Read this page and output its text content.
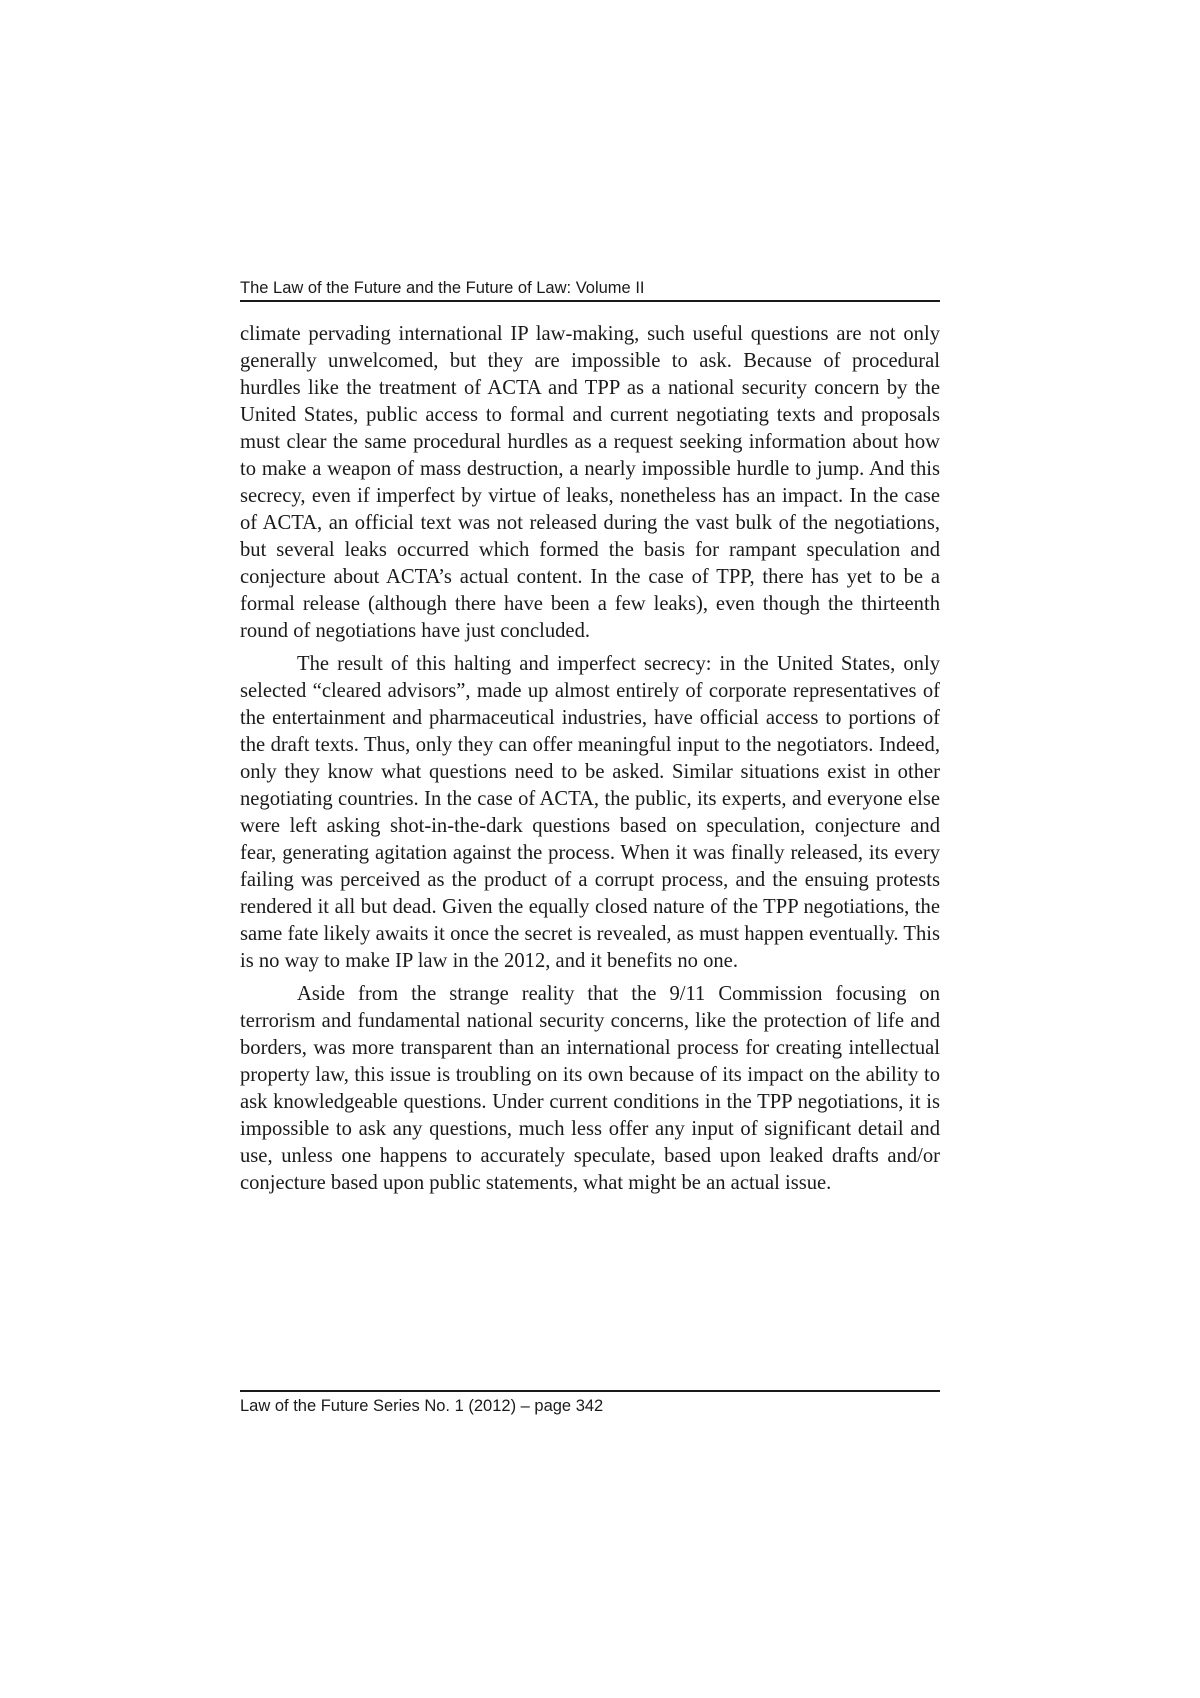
The Law of the Future and the Future of Law: Volume II

climate pervading international IP law-making, such useful questions are not only generally unwelcomed, but they are impossible to ask. Because of procedural hurdles like the treatment of ACTA and TPP as a national security concern by the United States, public access to formal and current negotiating texts and proposals must clear the same procedural hurdles as a request seeking information about how to make a weapon of mass destruction, a nearly impossible hurdle to jump. And this secrecy, even if imperfect by virtue of leaks, nonetheless has an impact. In the case of ACTA, an official text was not released during the vast bulk of the negotiations, but several leaks occurred which formed the basis for rampant speculation and conjecture about ACTA’s actual content. In the case of TPP, there has yet to be a formal release (although there have been a few leaks), even though the thirteenth round of negotiations have just concluded.

The result of this halting and imperfect secrecy: in the United States, only selected “cleared advisors”, made up almost entirely of corporate representatives of the entertainment and pharmaceutical industries, have official access to portions of the draft texts. Thus, only they can offer meaningful input to the negotiators. Indeed, only they know what questions need to be asked. Similar situations exist in other negotiating countries. In the case of ACTA, the public, its experts, and everyone else were left asking shot-in-the-dark questions based on speculation, conjecture and fear, generating agitation against the process. When it was finally released, its every failing was perceived as the product of a corrupt process, and the ensuing protests rendered it all but dead. Given the equally closed nature of the TPP negotiations, the same fate likely awaits it once the secret is revealed, as must happen eventually. This is no way to make IP law in the 2012, and it benefits no one.

Aside from the strange reality that the 9/11 Commission focusing on terrorism and fundamental national security concerns, like the protection of life and borders, was more transparent than an international process for creating intellectual property law, this issue is troubling on its own because of its impact on the ability to ask knowledgeable questions. Under current conditions in the TPP negotiations, it is impossible to ask any questions, much less offer any input of significant detail and use, unless one happens to accurately speculate, based upon leaked drafts and/or conjecture based upon public statements, what might be an actual issue.

Law of the Future Series No. 1 (2012) – page 342
